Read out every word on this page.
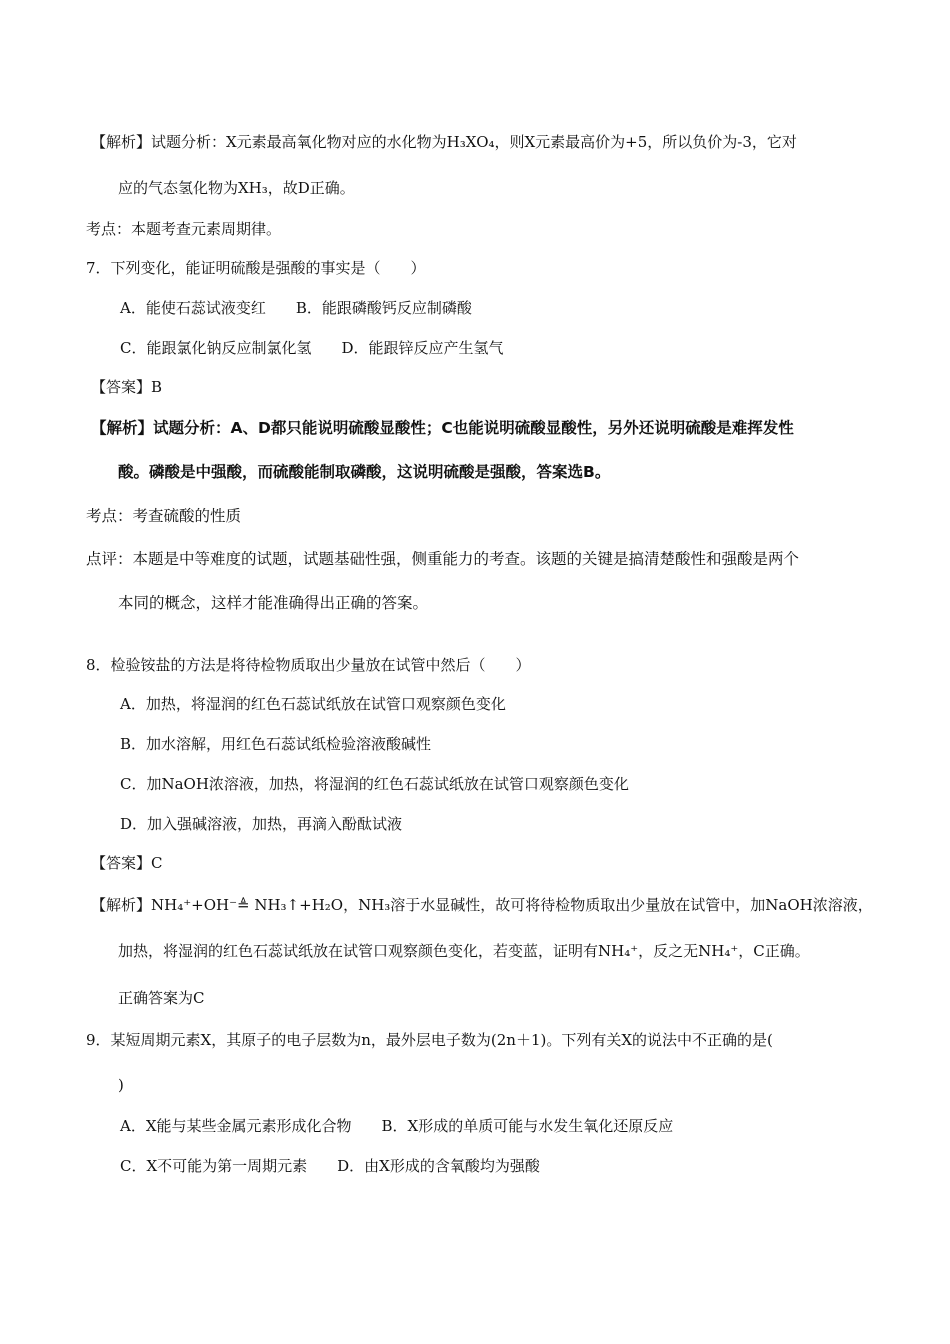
【解析】试题分析：X元素最高氧化物对应的水化物为H₃XO₄，则X元素最高价为+5，所以负价为-3，它对
应的气态氢化物为XH₃，故D正确。
考点：本题考查元素周期律。
7．下列变化，能证明硫酸是强酸的事实是（　　）
A．能使石蕊试液变红　　B．能跟磷酸钙反应制磷酸
C．能跟氯化钠反应制氯化氢　　D．能跟锌反应产生氢气
【答案】B
【解析】试题分析：A、D都只能说明硫酸显酸性；C也能说明硫酸显酸性，另外还说明硫酸是难挥发性
酸。磷酸是中强酸，而硫酸能制取磷酸，这说明硫酸是强酸，答案选B。
考点：考查硫酸的性质
点评：本题是中等难度的试题，试题基础性强，侧重能力的考查。该题的关键是搞清楚酸性和强酸是两个
本同的概念，这样才能准确得出正确的答案。
8．检验铵盐的方法是将待检物质取出少量放在试管中然后（　　）
A．加热，将湿润的红色石蕊试纸放在试管口观察颜色变化
B．加水溶解，用红色石蕊试纸检验溶液酸碱性
C．加NaOH浓溶液，加热，将湿润的红色石蕊试纸放在试管口观察颜色变化
D．加入强碱溶液，加热，再滴入酚酞试液
【答案】C
【解析】NH₄⁺+OH⁻≜ NH₃↑+H₂O，NH₃溶于水显碱性，故可将待检物质取出少量放在试管中，加NaOH浓溶液，
加热，将湿润的红色石蕊试纸放在试管口观察颜色变化，若变蓝，证明有NH₄⁺，反之无NH₄⁺，C正确。
正确答案为C
9．某短周期元素X，其原子的电子层数为n，最外层电子数为(2n＋1)。下列有关X的说法中不正确的是(
)
A．X能与某些金属元素形成化合物　　B．X形成的单质可能与水发生氧化还原反应
C．X不可能为第一周期元素　　D．由X形成的含氧酸均为强酸
